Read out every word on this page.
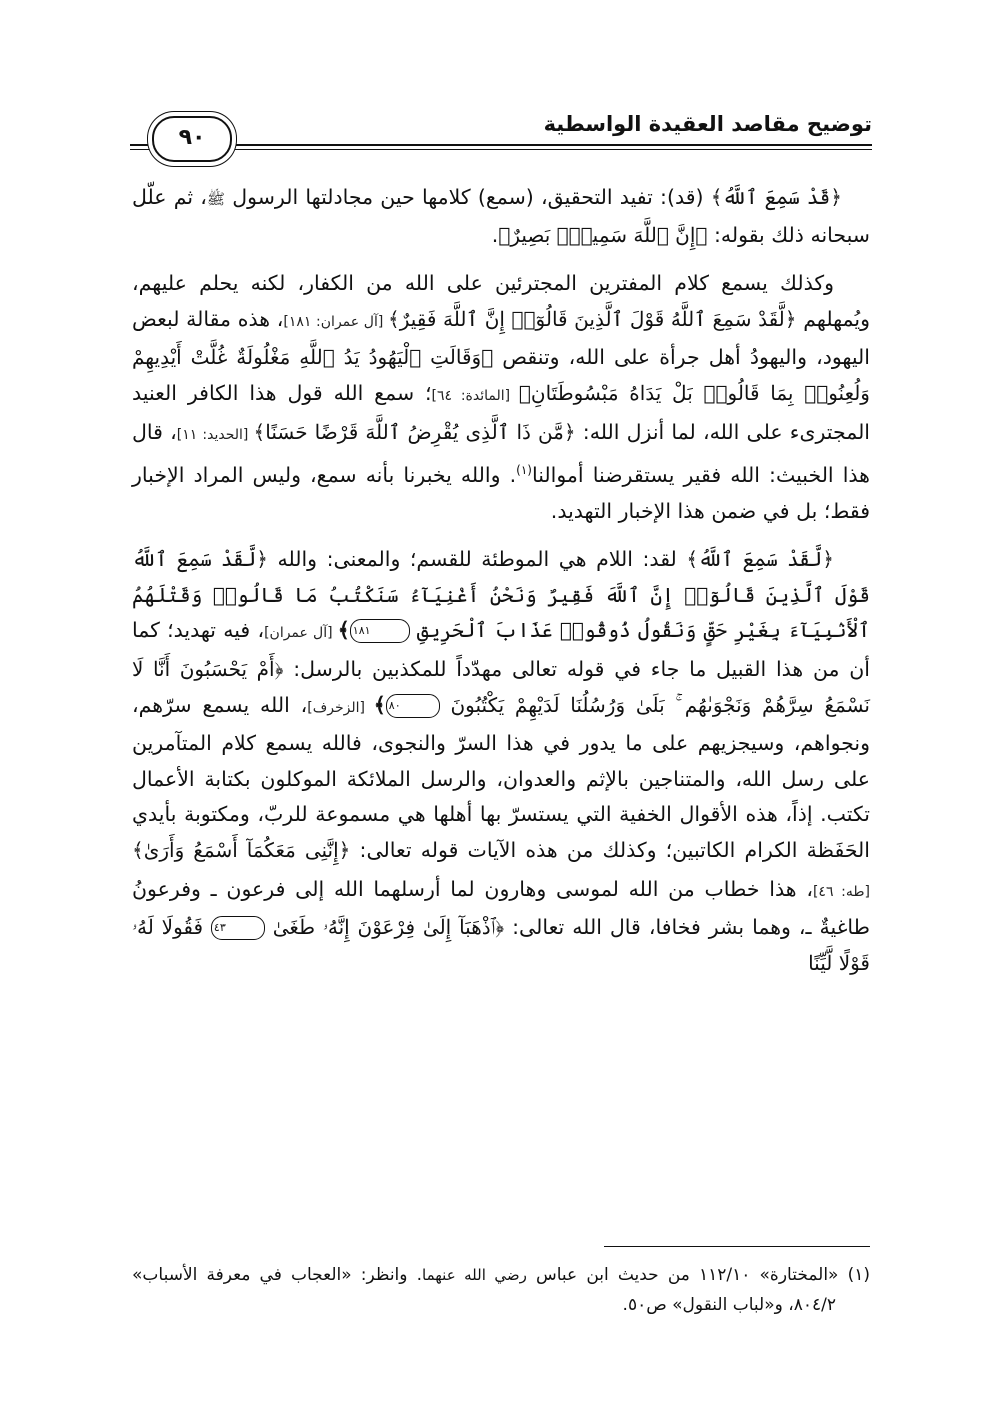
توضيح مقاصد العقيدة الواسطية
٩٠

﴿قَدْ سَمِعَ ٱللَّهُ﴾ (قد): تفيد التحقيق، (سمع) كلامها حين مجادلتها الرسول ﷺ، ثم علّل سبحانه ذلك بقوله: ﴿إِنَّ ٱللَّهَ سَمِيعٌۢ بَصِيرٌ﴾.

وكذلك يسمع كلام المفترين المجترئين على الله من الكفار، لكنه يحلم عليهم، ويُمهلهم ﴿لَّقَدْ سَمِعَ ٱللَّهُ قَوْلَ ٱلَّذِينَ قَالُوٓا۟ إِنَّ ٱللَّهَ فَقِيرٌ﴾ [آل عمران: ١٨١]، هذه مقالة لبعض اليهود، واليهودُ أهل جرأة على الله، وتنقص ﴿وَقَالَتِ ٱلْيَهُودُ يَدُ ٱللَّهِ مَغْلُولَةٌ غُلَّتْ أَيْدِيهِمْ وَلُعِنُوا۟ بِمَا قَالُوا۟ بَلْ يَدَاهُ مَبْسُوطَتَانِ﴾ [المائدة: ٦٤]؛ سمع الله قول هذا الكافر العنيد المجترىء على الله، لما أنزل الله: ﴿مَّن ذَا ٱلَّذِى يُقْرِضُ ٱللَّهَ قَرْضًا حَسَنًا﴾ [الحديد: ١١]، قال هذا الخبيث: الله فقير يستقرضنا أموالنا$^{(١)}$. والله يخبرنا بأنه سمع، وليس المراد الإخبار فقط؛ بل في ضمن هذا الإخبار التهديد.

﴿لَّقَدْ سَمِعَ ٱللَّهُ﴾ لقد: اللام هي الموطئة للقسم؛ والمعنى: والله ﴿لَّقَدْ سَمِعَ ٱللَّهُ قَوْلَ ٱلَّذِينَ قَالُوٓا۟ إِنَّ ٱللَّهَ فَقِيرٌ وَنَحْنُ أَغْنِيَآءُ سَنَكْتُبُ مَا قَالُوا۟ وَقَتْلَهُمُ ٱلْأَنۢبِيَآءَ بِغَيْرِ حَقٍّ وَنَقُولُ ذُوقُوا۟ عَذَابَ ٱلْحَرِيقِ ١٨١﴾ [آل عمران]، فيه تهديد؛ كما أن من هذا القبيل ما جاء في قوله تعالى مهدّداً للمكذبين بالرسل: ﴿أَمْ يَحْسَبُونَ أَنَّا لَا نَسْمَعُ سِرَّهُمْ وَنَجْوَىٰهُم ۚ بَلَىٰ وَرُسُلُنَا لَدَيْهِمْ يَكْتُبُونَ ٨٠﴾ [الزخرف]، الله يسمع سرّهم، ونجواهم، وسيجزيهم على ما يدور في هذا السرّ والنجوى، فالله يسمع كلام المتآمرين على رسل الله، والمتناجين بالإثم والعدوان، والرسل الملائكة الموكلون بكتابة الأعمال تكتب. إذاً، هذه الأقوال الخفية التي يستسرّ بها أهلها هي مسموعة للربّ، ومكتوبة بأيدي الحَفَظة الكرام الكاتبين؛ وكذلك من هذه الآيات قوله تعالى: ﴿إِنَّنِى مَعَكُمَآ أَسْمَعُ وَأَرَىٰ﴾ [طه: ٤٦]، هذا خطاب من الله لموسى وهارون لما أرسلهما الله إلى فرعون ـ وفرعونُ طاغيةٌ ـ، وهما بشر فخافا، قال الله تعالى: ﴿ٱذْهَبَآ إِلَىٰ فِرْعَوْنَ إِنَّهُۥ طَغَىٰ ٤٣ فَقُولَا لَهُۥ قَوْلًا لَّيِّنًا

(١) «المختارة» ١١٢/١٠ من حديث ابن عباس رضي الله عنهما. وانظر: «العجاب في معرفة الأسباب» ٨٠٤/٢، و«لباب النقول» ص٥٠.
